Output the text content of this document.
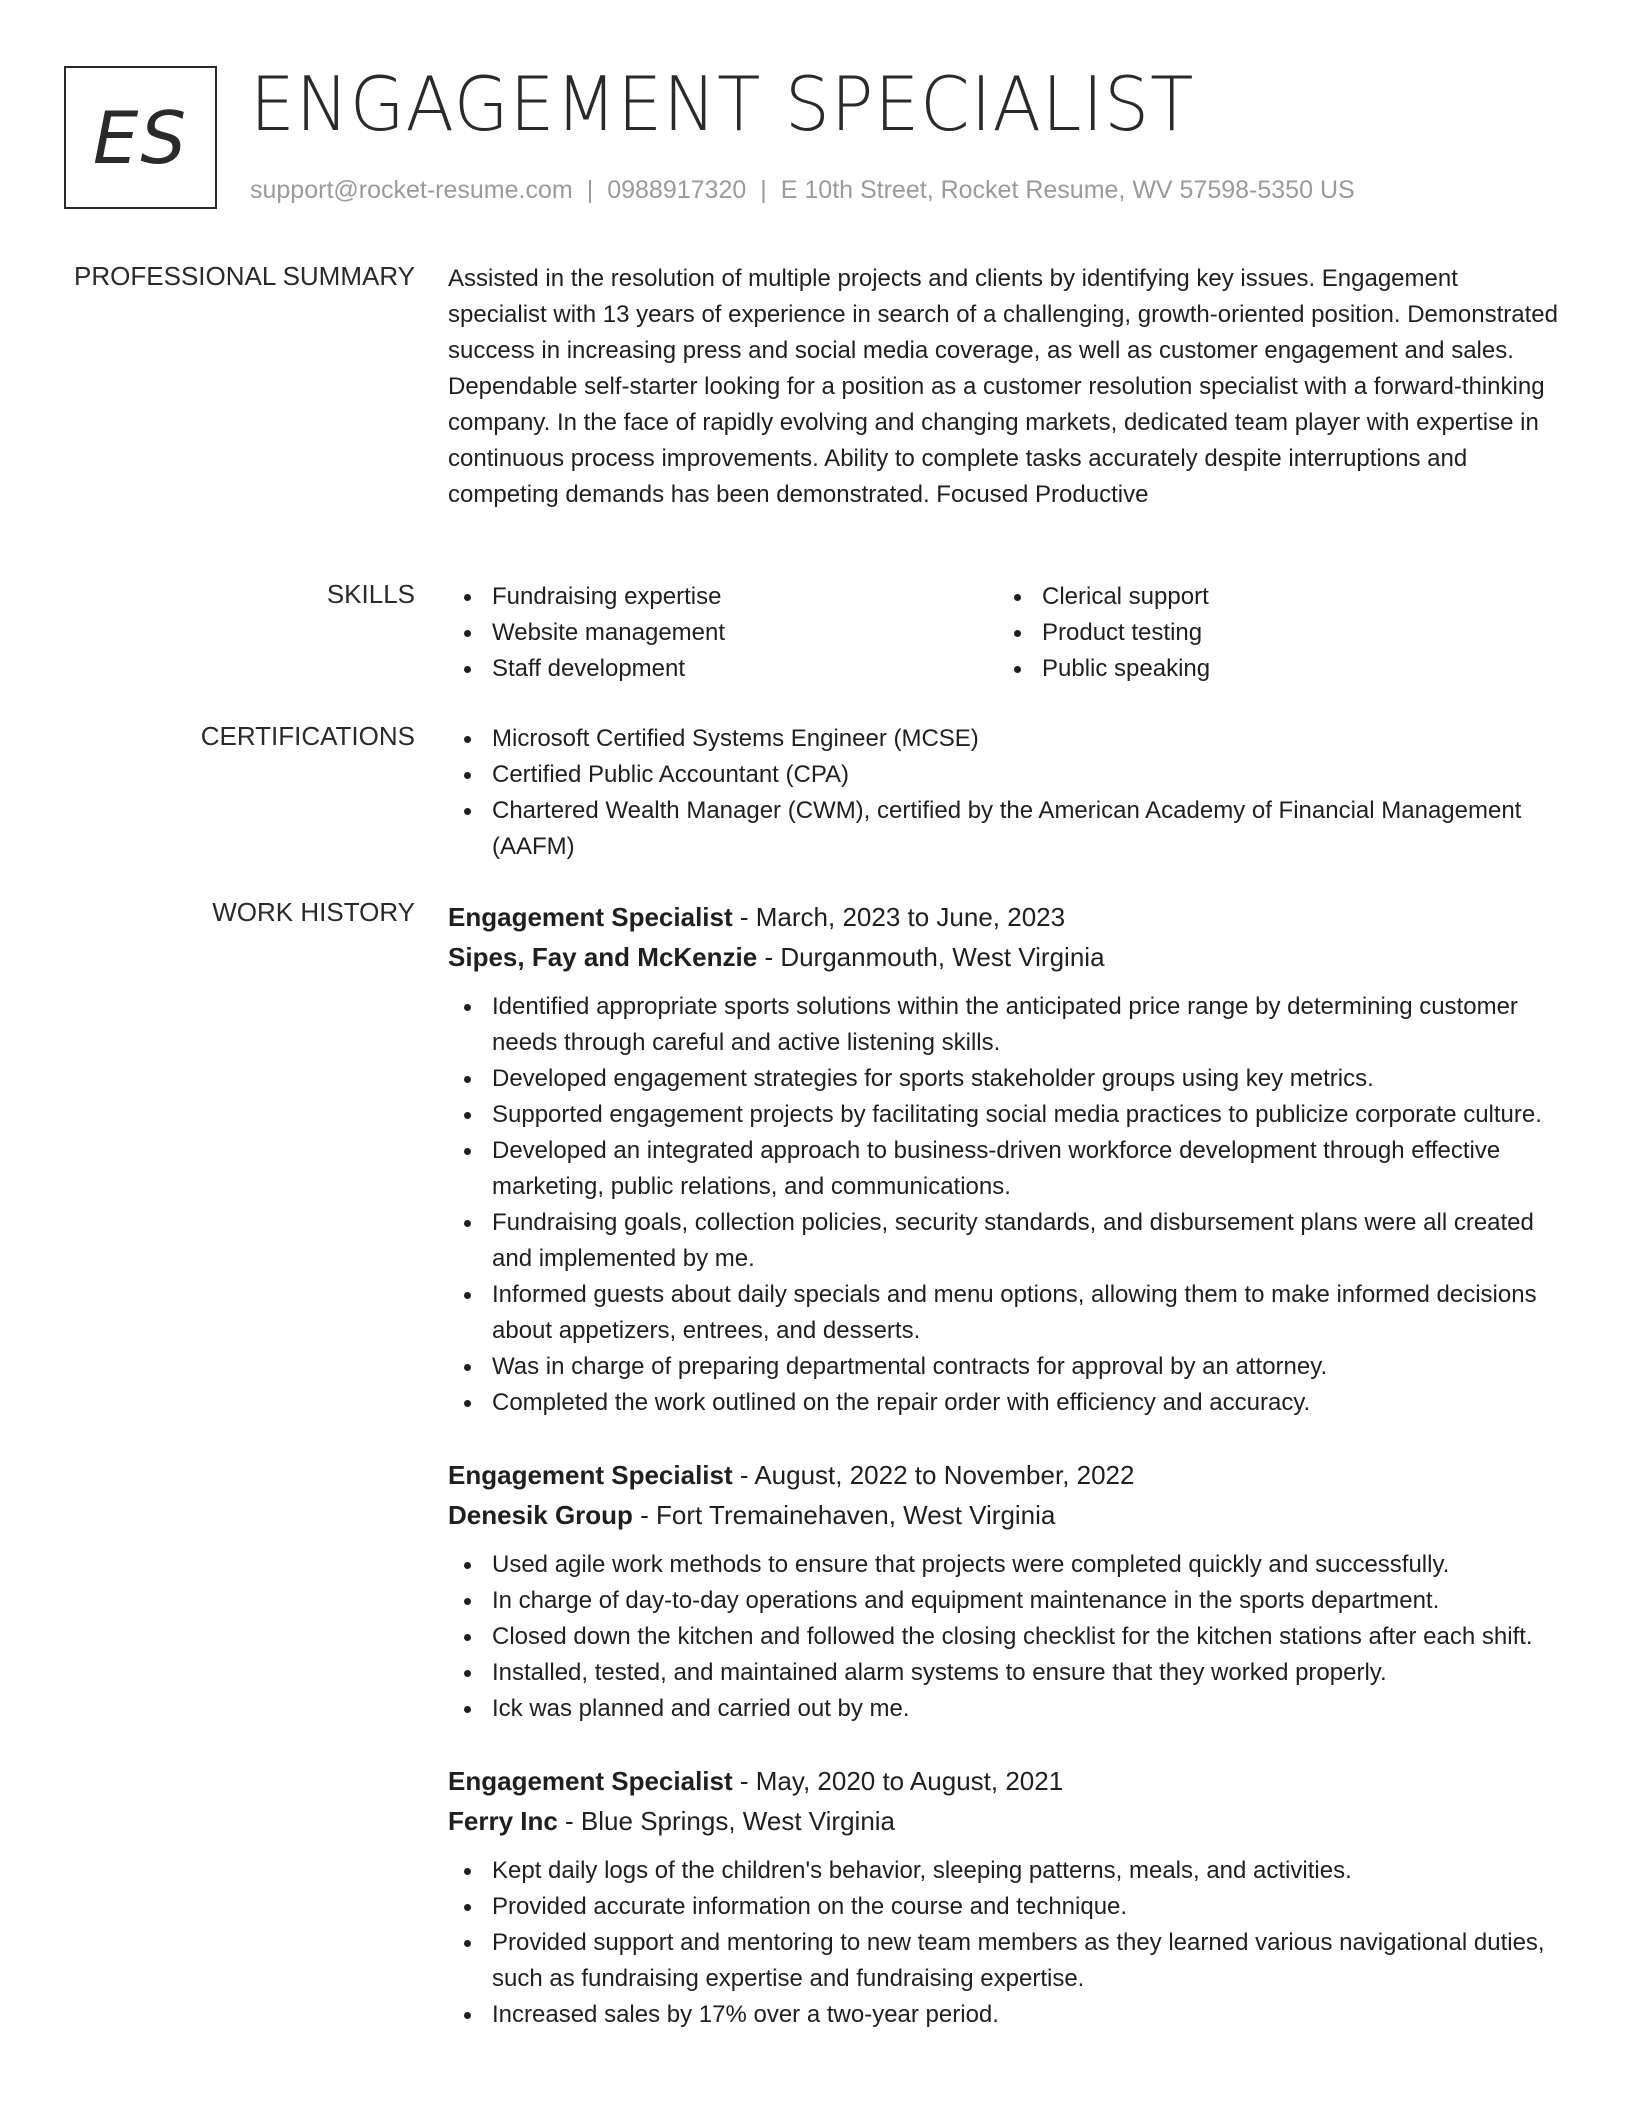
ES ENGAGEMENT SPECIALIST
support@rocket-resume.com | 0988917320 | E 10th Street, Rocket Resume, WV 57598-5350 US
PROFESSIONAL SUMMARY Assisted in the resolution of multiple projects and clients by identifying key issues. Engagement specialist with 13 years of experience in search of a challenging, growth-oriented position. Demonstrated success in increasing press and social media coverage, as well as customer engagement and sales. Dependable self-starter looking for a position as a customer resolution specialist with a forward-thinking company. In the face of rapidly evolving and changing markets, dedicated team player with expertise in continuous process improvements. Ability to complete tasks accurately despite interruptions and competing demands has been demonstrated. Focused Productive

SKILLS	Fundraising expertise
Website management
Staff development
Clerical support
Product testing
Public speaking
CERTIFICATIONS	Microsoft Certified Systems Engineer (MCSE)
Certified Public Accountant (CPA)
Chartered Wealth Manager (CWM), certified by the American Academy of Financial Management (AAFM)
WORK HISTORY Engagement Specialist - March, 2023 to June, 2023
Sipes, Fay and McKenzie - Durganmouth, West Virginia
Identified appropriate sports solutions within the anticipated price range by determining customer needs through careful and active listening skills.
Developed engagement strategies for sports stakeholder groups using key metrics.
Supported engagement projects by facilitating social media practices to publicize corporate culture.
Developed an integrated approach to business-driven workforce development through effective marketing, public relations, and communications.
Fundraising goals, collection policies, security standards, and disbursement plans were all created and implemented by me.
Informed guests about daily specials and menu options, allowing them to make informed decisions about appetizers, entrees, and desserts.
Was in charge of preparing departmental contracts for approval by an attorney.
Completed the work outlined on the repair order with efficiency and accuracy.
Engagement Specialist - August, 2022 to November, 2022
Denesik Group - Fort Tremainehaven, West Virginia
Used agile work methods to ensure that projects were completed quickly and successfully.
In charge of day-to-day operations and equipment maintenance in the sports department.
Closed down the kitchen and followed the closing checklist for the kitchen stations after each shift.
Installed, tested, and maintained alarm systems to ensure that they worked properly.
Ick was planned and carried out by me.
Engagement Specialist - May, 2020 to August, 2021
Ferry Inc - Blue Springs, West Virginia
Kept daily logs of the children's behavior, sleeping patterns, meals, and activities.
Provided accurate information on the course and technique.
Provided support and mentoring to new team members as they learned various navigational duties, such as fundraising expertise and fundraising expertise.
Increased sales by 17% over a two-year period.
